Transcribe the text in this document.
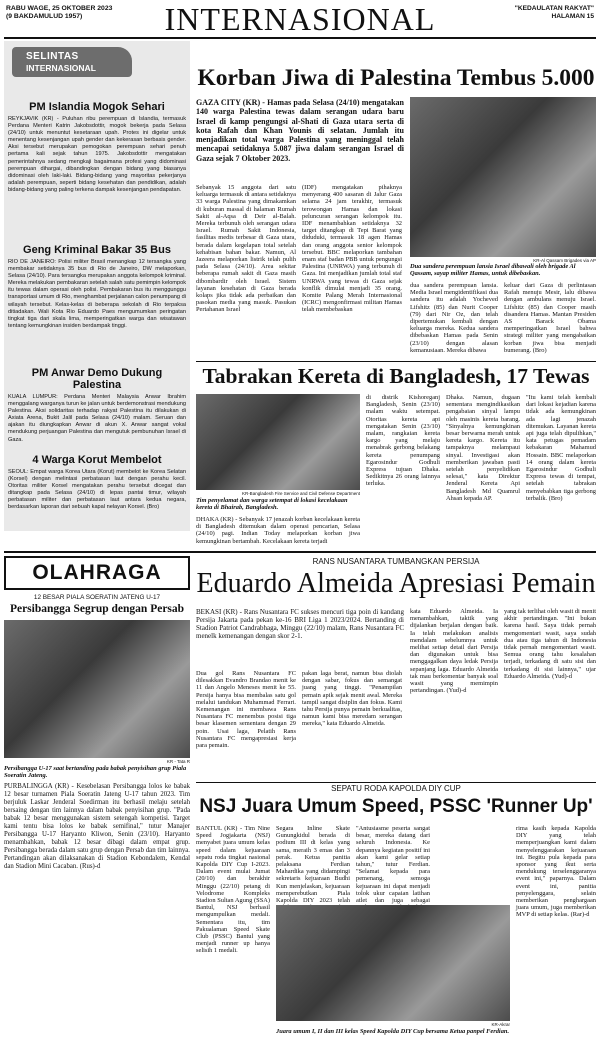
RABU WAGE, 25 OKTOBER 2023
(9 BAKDAMULUD 1957)	INTERNASIONAL	"KEDAULATAN RAKYAT"
HALAMAN 15
SELINTAS
INTERNASIONAL
PM Islandia Mogok Sehari

REYKJAVIK (KR) - Puluhan ribu perempuan di Islandia, termasuk Perdana Menteri Katrin Jakobsdottir, mogok bekerja pada Selasa (24/10) untuk menuntut kesetaraan upah. Protes ini digelar untuk menentang kesenjangan upah gender dan kekerasan berbasis gender. Aksi tersebut merupakan pemogokan perempuan sehari penuh pertama kali sejak tahun 1975. Jakobsdottir mengatakan pemerintahnya sedang mengkaji bagaimana profesi yang didominasi perempuan dihargai, dibandingkan dengan bidang yang biasanya didominasi oleh laki-laki. Bidang-bidang yang mayoritas pekerjanya adalah perempuan, seperti bidang kesehatan dan pendidikan, adalah bidang-bidang yang paling terkena dampak kesenjangan pendapatan.

Geng Kriminal Bakar 35 Bus

RIO DE JANEIRO: Polisi militer Brasil menangkap 12 tersangka yang membakar setidaknya 35 bus di Rio de Janeiro, DW melaporkan, Selasa (24/10). Para tersangka merupakan anggota kelompok kriminal. Mereka melakukan pembakaran setelah salah satu pemimpin kelompok itu tewas dalam operasi oleh polisi. Pembakaran bus itu menggunggu transportasi umum di Rio, menghambat perjalanan calon penumpang di wilayah tersebut. Kelas-kelas di beberapa sekolah di Rio terpaksa ditiadakan. Wali Kota Rio Eduardo Paes mengumumkan peringatan tingkat tiga dari skala lima, memperingatkan warga dan wisatawan tentang kemungkinan insiden berdampak tinggi.

PM Anwar Demo Dukung Palestina

KUALA LUMPUR: Perdana Menteri Malaysia Anwar Ibrahim menggalang warganya turun ke jalan untuk berdemonstrasi mendukung Palestina. Aksi solidaritas terhadap rakyat Palestina itu dilakukan di Axiata Arena, Bukit Jalil pada Selasa (24/10) malam. Seruan dan ajakan itu diungkapkan Anwar di akun X. Anwar sangat vokal mendukung perjuangan Palestina dan mengutuk pembunuhan Israel di Gaza.

4 Warga Korut Membelot

SEOUL: Empat warga Korea Utara (Korut) membelot ke Korea Selatan (Korsel) dengan melintasi perbatasan laut dengan perahu kecil. Otoritas militer Korsel mengatakan perahu tersebut dicegat dan ditangkap pada Selasa (24/10) di lepas pantai timur, wilayah perbatasan militer dan perbatasan laut antara kedua negara, berdasarkan laporan dari sebuah kapal nelayan Korsel. (Bro)

Korban Jiwa di Palestina Tembus 5.000

GAZA CITY (KR) - Hamas pada Selasa (24/10) mengatakan 140 warga Palestina tewas dalam serangan udara baru Israel di kamp pengungsi al-Shati di Gaza utara serta di kota Rafah dan Khan Younis di selatan. Jumlah itu menjadikan total warga Palestina yang meninggal telah mencapai setidaknya 5.087 jiwa dalam serangan Israel di Gaza sejak 7 Oktober 2023.

KR-Al Qassam Brigades via AP
Dua sandera perempuan lansia Israel dibawali oleh brigade Al Qassam, sayap militer Hamas, untuk dibebaskan.

Sebanyak 15 anggota dari satu keluarga termasuk di antara setidaknya 33 warga Palestina yang dimakamkan di kuburan massal di halaman Rumah Sakit al-Aqsa di Deir al-Balah. Mereka terbunuh oleh serangan udara Israel. Rumah Sakit Indonesia, fasilitas medis terbesar di Gaza utara, berada dalam kegelapan total setelah kehabisan bahan bakar. Namun, Al Jazeera melaporkan listrik telah pulih pada Selasa (24/10). Area sekitar beberapa rumah sakit di Gaza masih dibombardir oleh Israel. Sistem layanan kesehatan di Gaza berada kolaps jika tidak ada perbaikan dan pasokan media yang masuk. Pasukan Pertahanan Israel

(IDF) mengatakan pihaknya menyerang 400 sasaran di Jalur Gaza selama 24 jam terakhir, termasuk terowongan Hamas dan lokasi peluncuran serangan kelompok itu. IDF menambahkan setidaknya 32 target ditangkap di Tepi Barat yang diduduki, termasuk 18 agen Hamas dan orang anggota senior kelompok tersebut. BBC melaporkan tambahan enam staf badan PBB untuk pengungsi Palestina (UNRWA) yang terbunuh di Gaza. Ini menjadikan jumlah total staf UNRWA yang tewas di Gaza sejak konflik dimulai menjadi 35 orang. Komite Palang Merah Internasional (ICRC) mengonfirmasi militan Hamas telah membebaskan

dua sandera perempuan lansia. Media Israel mengidentifikasi dua sandera itu adalah Yocheved Lifshitz (85) dan Nurit Cooper (79) dari Nir Oz, dan telah dipertemukan kembali dengan keluarga mereka. Kedua sandera dibebaskan Hamas pada Senin (23/10) dengan alasan kemanusiaan. Mereka dibawa

keluar dari Gaza di perlintasan Rafah menuju Mesir, lalu dibawa dengan ambulans menuju Israel. Lifshitz (85) dan Cooper masih disandera Hamas. Mantan Presiden AS Barack Obama memperingatkan Israel bahwa strategi militer yang mengabaikan korban jiwa bisa menjadi bumerang. (Bro)

Tabrakan Kereta di Bangladesh, 17 Tewas
KR-Bangladesh Fire Service and Civil Defense Department
Tim penyelamat dan warga setempat di lokasi kecelakaan kereta di Bhairab, Bangladesh.

DHAKA (KR) - Sebanyak 17 jenazah korban kecelakaan kereta di Bangladesh ditemukan dalam operasi pencarian, Selasa (24/10) pagi. Indian Today melaporkan korban jiwa kemungkinan bertambah. Kecelakaan kereta terjadi

di distrik Kishoreganj Bangladesh, Senin (23/10) malam waktu setempat. Otoritas kereta api mengatakan Senin (23/10) malam, rangkaian kereta kargo yang melaju menabrak gerbong belakang kereta penumpang Egarosindur Godhuli Express tujuan Dhaka. Sedikitnya 26 orang lainnya terluka.

Dhaka. Namun, dugaan sementara mengindikasikan pengabaian sinyal lampu oleh masinis kereta barang. "Sinyalnya kemungkinan besar berwarna merah untuk kereta kargo. Kereta itu tampaknya melampaui sinyal. Investigasi akan memberikan jawaban pasti setelah penyelidikan selesai," kata Direktur Jenderal Kereta Api Bangladesh Md Quamrul Ahsan kepada AP.

"Itu kami telah kembali dari lokasi kejadian karena tidak ada kemungkinan ada lagi jenazah ditemukan. Layanan kereta api juga telah dipulihkan," kata petugas pemadam kebakaran Mahamud Hossain. BBC melaporkan 14 orang dalam kereta Egarosindur Godhuli Express tewas di tempat, setelah tabrakan menyebabkan tiga gerbong terbalik. (Bro)

OLAHRAGA
12 BESAR PIALA SOERATIN JATENG U-17
Persibangga Segrup dengan Persab
KR - Tata R
Persibangga U-17 saat bertanding pada babak penyisihan grup Piala Soeratin Jateng.

PURBALINGGA (KR) - Kesebelasan Persibangga lolos ke babak 12 besar turnamen Piala Soeratin Jateng U-17 tahun 2023. Tim berjuluk Laskar Jenderal Soedirman itu berhasil melaju setelah bersaing dengan tim lainnya dalam babak penyisihan grup. "Pada babak 12 besar menggunakan sistem setengah kompetisi. Target kami tentu bisa lolos ke babak semifinal," tutur Manajer Persibangga U-17 Haryanto Kliwon, Senin (23/10). Haryanto menambahkan, babak 12 besar dibagi dalam empat grup. Persibangga berada dalam satu grup dengan Persab dan tim lainnya. Pertandingan akan dilaksanakan di Stadion Kebondalem, Kendal dan Stadion Mini Cacaban. (Rus)-d

RANS NUSANTARA TUMBANGKAN PERSIJA
Eduardo Almeida Apresiasi Pemain

BEKASI (KR) - Rans Nusantara FC sukses mencuri tiga poin di kandang Persija Jakarta pada pekan ke-16 BRI Liga 1 2023/2024. Bertanding di Stadion Patriot Candrabhaga, Minggu (22/10) malam, Rans Nusantara FC menelk kemenangan dengan skor 2-1.

Dua gol Rans Nusantara FC dilesakkan Evandro Brandao menit ke 11 dan Angelo Meneses menit ke 55. Persija hanya bisa membalas satu gol melalui tandukan Muhammad Ferrari. Kemenangan ini membawa Rans Nusantara FC menembus posisi tiga besar klasemen sementara dengan 29 poin. Usai laga, Pelatih Rans Nusantara FC mengapresiasi kerja para pemain.

pakan laga berat, namun bisa diolah dengan sabar, fokus dan semangat juang yang tinggi. "Penampilan pemain apik sejak menit awal. Mereka tampil sangat disiplin dan fokus. Kami tahu Persija punya pemain berkualitas, namun kami bisa meredam serangan mereka," kata Eduardo Almeida.

kata Eduardo Almeida. Ia menambahkan, taktik yang dijalankan berjalan dengan baik. Ia telah melakukan analisis mendalam sebelumnya untuk melihat setiap detail dari Persija dan digunakan untuk bisa menggagalkan daya ledak Persija sepanjang laga. Eduardo Almeida tak mau berkomentar banyak soal wasit yang memimpin pertandingan. (Yud)-d

yang tak terlihat oleh wasit di menit akhir pertandingan. "Ini bukan karena hasil. Saya tidak pernah mengomentari wasit, saya sudah dua atau tiga tahun di Indonesia tidak pernah mengomentari wasit. Semua orang tahu kesalahan terjadi, terkadang di satu sisi dan terkadang di sisi lainnya," ujar Eduardo Almeida. (Yud)-d

SEPATU RODA KAPOLDA DIY CUP
NSJ Juara Umum Speed, PSSC 'Runner Up'

BANTUL (KR) - Tim Nine Speed Jogjakarta (NSJ) menyabet juara umum kelas speed dalam kejuaraan sepatu roda tingkat nasional Kapolda DIY Cup I-2023. Dalam event mulai Jumat (20/10) dan berakhir Minggu (22/10) petang di Velodrome Kompleks Stadion Sultan Agung (SSA) Bantul, NSJ berhasil mengumpulkan medali. Sementara itu, tim Pakualaman Speed Skate Club (PSSC) Bantul yang menjadi runner up hanya selisih 1 medali.

Segara Inline Skate Gunungkidul berada di podium III di kelas yang sama, meraih 3 emas dan 3 perak. Ketua panitia pelaksana Ferdian Mahardika yang didampingi sekretaris kejuaraan Budhi Kun menjelaskan, kejuaraan memperebutkan Piala Kapolda DIY 2023 telah

"Antusiasme peserta sangat besar, mereka datang dari seluruh Indonesia. Ke depannya kegiatan positif ini akan kami gelar setiap tahun," tutur Ferdian. "Selamat kepada para pemenang, semoga kejuaraan ini dapat menjadi tolok ukur capaian latihan atlet dan juga sebagai

rima kasih kepada Kapolda DIY yang telah memperjuangkan kami dalam menyelenggarakan kejuaraan ini. Begitu pula kepada para sponsor yang ikut serta mendukung terselenggaranya event ini," paparnya. Dalam event ini, panitia penyelenggara, selain memberikan penghargaan juara umum, juga memberikan MVP di setiap kelas. (Rar)-d

KR-Akrar
Juara umum I, II dan III kelas Speed Kapolda DIY Cup bersama Ketua panpel Ferdian.
